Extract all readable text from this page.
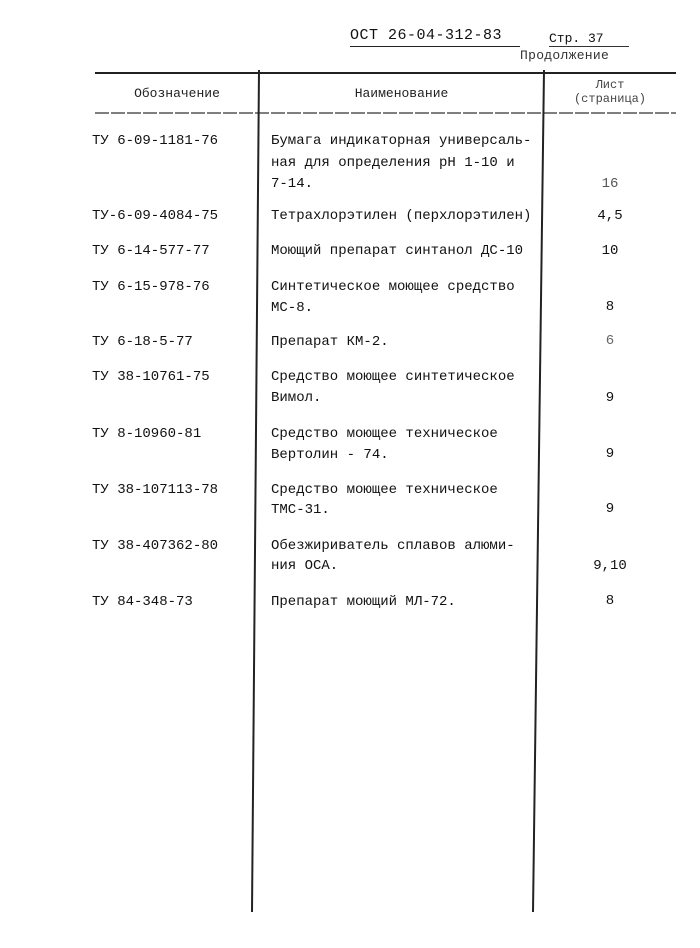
ОСТ 26-04-312-83	Стр. 37
Продолжение
Обозначение	Наименование
Лист
(страница)
ТУ 6-09-1181-76	Бумага индикаторная универсаль-
ная для определения рН 1-10 и
7-14.	16
ТУ-6-09-4084-75	Тетрахлорэтилен (перхлорэтилен)	4,5
ТУ 6-14-577-77	Моющий препарат синтанол ДС-10	10
ТУ 6-15-978-76	Синтетическое моющее средство
МС-8.	8
ТУ 6-18-5-77	Препарат КМ-2.	6
ТУ 38-10761-75	Средство моющее синтетическое
Вимол.	9
ТУ 8-10960-81	Средство моющее техническое
Вертолин - 74.	9
ТУ 38-107113-78	Средство моющее техническое
ТМС-31.	9
ТУ 38-407362-80	Обезжириватель сплавов алюми-
ния ОСА.	9,10
ТУ 84-348-73	Препарат моющий МЛ-72.	8
